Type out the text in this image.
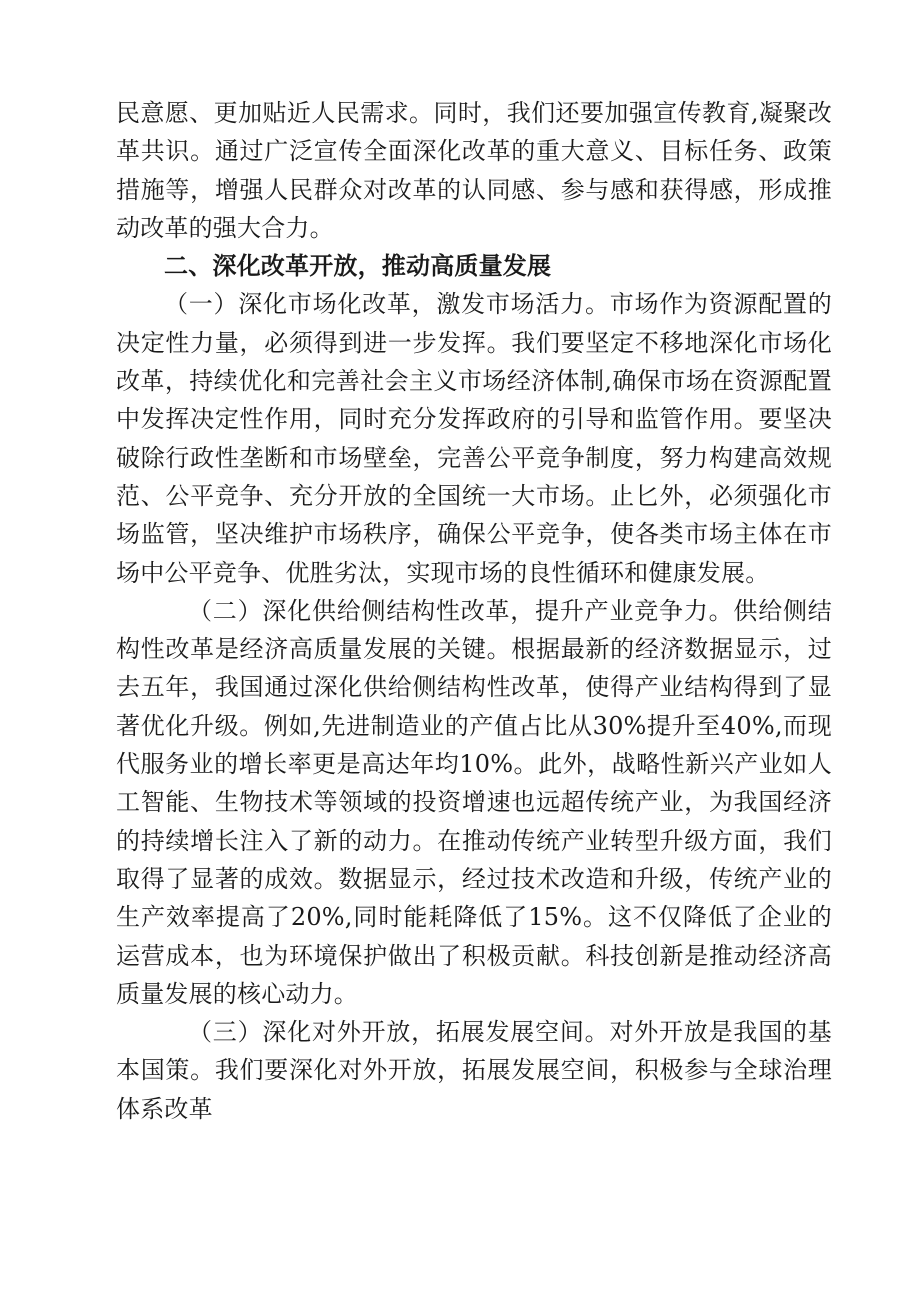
民意愿、更加贴近人民需求。同时，我们还要加强宣传教育,凝聚改革共识。通过广泛宣传全面深化改革的重大意义、目标任务、政策措施等，增强人民群众对改革的认同感、参与感和获得感，形成推动改革的强大合力。

二、深化改革开放，推动高质量发展

（一）深化市场化改革，激发市场活力。市场作为资源配置的决定性力量，必须得到进一步发挥。我们要坚定不移地深化市场化改革，持续优化和完善社会主义市场经济体制,确保市场在资源配置中发挥决定性作用，同时充分发挥政府的引导和监管作用。要坚决破除行政性垄断和市场壁垒，完善公平竞争制度，努力构建高效规范、公平竞争、充分开放的全国统一大市场。止匕外，必须强化市场监管，坚决维护市场秩序，确保公平竞争，使各类市场主体在市场中公平竞争、优胜劣汰，实现市场的良性循环和健康发展。

（二）深化供给侧结构性改革，提升产业竞争力。供给侧结构性改革是经济高质量发展的关键。根据最新的经济数据显示，过去五年，我国通过深化供给侧结构性改革，使得产业结构得到了显著优化升级。例如,先进制造业的产值占比从30%提升至40%,而现代服务业的增长率更是高达年均10%。此外，战略性新兴产业如人工智能、生物技术等领域的投资增速也远超传统产业，为我国经济的持续增长注入了新的动力。在推动传统产业转型升级方面，我们取得了显著的成效。数据显示，经过技术改造和升级，传统产业的生产效率提高了20%,同时能耗降低了15%。这不仅降低了企业的运营成本，也为环境保护做出了积极贡献。科技创新是推动经济高质量发展的核心动力。

（三）深化对外开放，拓展发展空间。对外开放是我国的基本国策。我们要深化对外开放，拓展发展空间，积极参与全球治理体系改革
